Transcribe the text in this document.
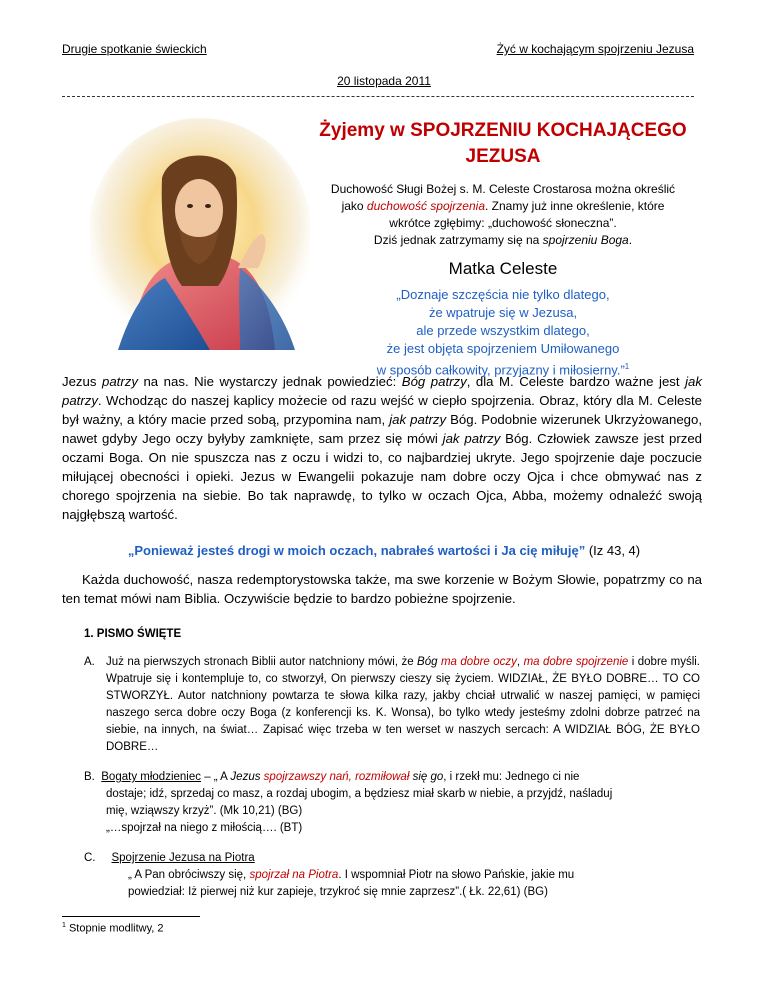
Drugie spotkanie świeckich	Żyć w kochającym spojrzeniu Jezusa
20 listopada 2011
Żyjemy w SPOJRZENIU KOCHAJĄCEGO
JEZUSA
Duchowość Sługi Bożej s. M. Celeste Crostarosa można określić
jako duchowość spojrzenia. Znamy już inne określenie, które
wkrótce zgłębimy: „duchowość słoneczna”.
Dziś jednak zatrzymamy się na spojrzeniu Boga.
Matka Celeste
„Doznaje szczęścia nie tylko dlatego,
że wpatruje się w Jezusa,
ale przede wszystkim dlatego,
że jest objęta spojrzeniem Umiłowanego
w sposób całkowity, przyjazny i miłosierny.”$^1$
Jezus patrzy na nas. Nie wystarczy jednak powiedzieć: Bóg patrzy, dla M. Celeste bardzo ważne jest jak patrzy. Wchodząc do naszej kaplicy możecie od razu wejść w ciepło spojrzenia. Obraz, który dla M. Celeste był ważny, a który macie przed sobą, przypomina nam, jak patrzy Bóg. Podobnie wizerunek Ukrzyżowanego, nawet gdyby Jego oczy byłyby zamknięte, sam przez się mówi jak patrzy Bóg. Człowiek zawsze jest przed oczami Boga. On nie spuszcza nas z oczu i widzi to, co najbardziej ukryte. Jego spojrzenie daje poczucie miłującej obecności i opieki. Jezus w Ewangelii pokazuje nam dobre oczy Ojca i chce obmywać nas z chorego spojrzenia na siebie. Bo tak naprawdę, to tylko w oczach Ojca, Abba, możemy odnaleźć swoją najgłębszą wartość.
„Ponieważ jesteś drogi w moich oczach, nabrałeś wartości i Ja cię miłuję” (Iz 43, 4)
Każda duchowość, nasza redemptorystowska także, ma swe korzenie w Bożym Słowie, popatrzmy co na ten temat mówi nam Biblia. Oczywiście będzie to bardzo pobieżne spojrzenie.
1. PISMO ŚWIĘTE
A. Już na pierwszych stronach Biblii autor natchniony mówi, że Bóg ma dobre oczy, ma dobre spojrzenie i dobre myśli. Wpatruje się i kontempluje to, co stworzył, On pierwszy cieszy się życiem. WIDZIAŁ, ŻE BYŁO DOBRE… TO CO STWORZYŁ. Autor natchniony powtarza te słowa kilka razy, jakby chciał utrwalić w naszej pamięci, w pamięci naszego serca dobre oczy Boga (z konferencji ks. K. Wonsa), bo tylko wtedy jesteśmy zdolni dobrze patrzeć na siebie, na innych, na świat… Zapisać więc trzeba w ten werset w naszych sercach: A WIDZIAŁ BÓG, ŻE BYŁO DOBRE…
B. Bogaty młodzieniec – „ A Jezus spojrzawszy nań, rozmiłował się go, i rzekł mu: Jednego ci nie
dostaje; idź, sprzedaj co masz, a rozdaj ubogim, a będziesz miał skarb w niebie, a przyjdź, naśladuj
mię, wziąwszy krzyż”. (Mk 10,21) (BG)
„…spojrzał na niego z miłością…. (BT)
C. Spojrzenie Jezusa na Piotra
„ A Pan obróciwszy się, spojrzał na Piotra. I wspomniał Piotr na słowo Pańskie, jakie mu
powiedział: Iż pierwej niż kur zapieje, trzykroć się mnie zaprzesz”.( Łk. 22,61) (BG)
$^1$ Stopnie modlitwy, 2
